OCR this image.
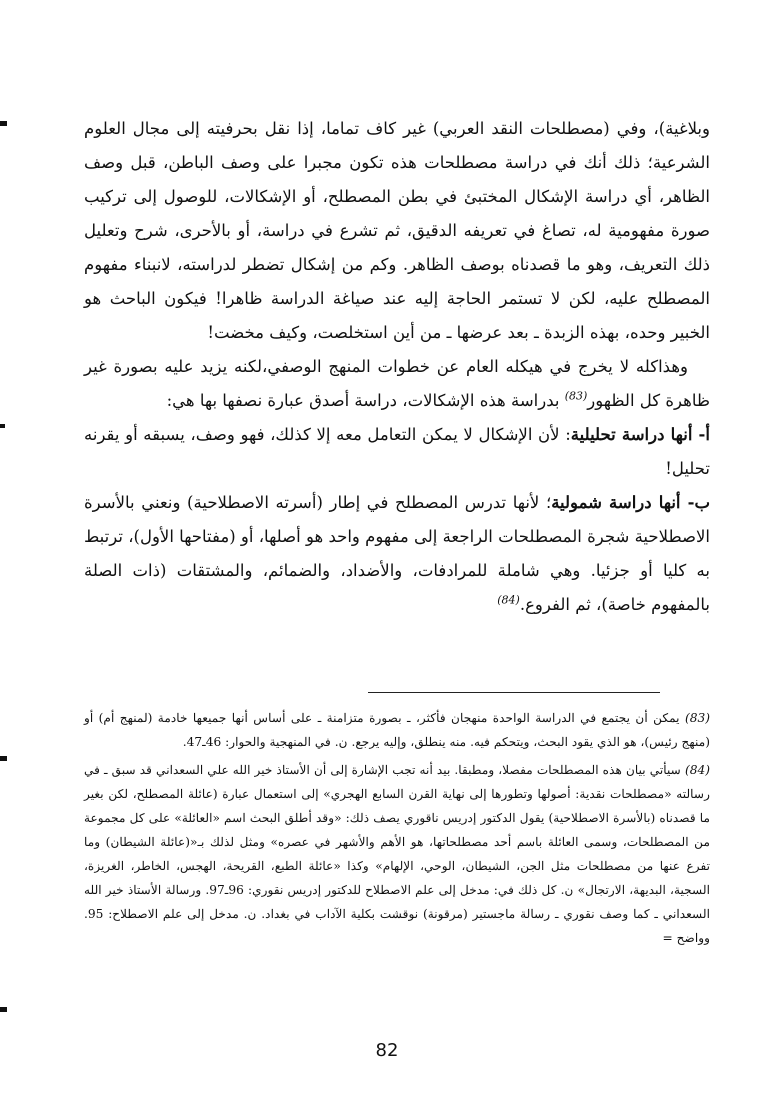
وبلاغية)، وفي (مصطلحات النقد العربي) غير كاف تماما، إذا نقل بحرفيته إلى مجال العلوم الشرعية؛ ذلك أنك في دراسة مصطلحات هذه تكون مجبرا على وصف الباطن، قبل وصف الظاهر، أي دراسة الإشكال المختبئ في بطن المصطلح، أو الإشكالات، للوصول إلى تركيب صورة مفهومية له، تصاغ في تعريفه الدقيق، ثم تشرع في دراسة، أو بالأحرى، شرح وتعليل ذلك التعريف، وهو ما قصدناه بوصف الظاهر. وكم من إشكال تضطر لدراسته، لانبناء مفهوم المصطلح عليه، لكن لا تستمر الحاجة إليه عند صياغة الدراسة ظاهرا! فيكون الباحث هو الخبير وحده، بهذه الزبدة ـ بعد عرضها ـ من أين استخلصت، وكيف مخضت!

وهذاكله لا يخرج في هيكله العام عن خطوات المنهج الوصفي،لكنه يزيد عليه بصورة غير ظاهرة كل الظهور$^{(83)}$ بدراسة هذه الإشكالات، دراسة أصدق عبارة نصفها بها هي:

أ- أنها دراسة تحليلية: لأن الإشكال لا يمكن التعامل معه إلا كذلك، فهو وصف، يسبقه أو يقرنه تحليل!

ب- أنها دراسة شمولية؛ لأنها تدرس المصطلح في إطار (أسرته الاصطلاحية) ونعني بالأسرة الاصطلاحية شجرة المصطلحات الراجعة إلى مفهوم واحد هو أصلها، أو (مفتاحها الأول)، ترتبط به كليا أو جزئيا. وهي شاملة للمرادفات، والأضداد، والضمائم، والمشتقات (ذات الصلة بالمفهوم خاصة)، ثم الفروع.$^{(84)}$

(83) يمكن أن يجتمع في الدراسة الواحدة منهجان فأكثر، ـ بصورة متزامنة ـ على أساس أنها جميعها خادمة (لمنهج أم) أو (منهج رئيس)، هو الذي يقود البحث، ويتحكم فيه. منه ينطلق، وإليه يرجع. ن. في المنهجية والحوار: 46ـ47.

(84) سيأتي بيان هذه المصطلحات مفصلا، ومطبقا. بيد أنه تجب الإشارة إلى أن الأستاذ خير الله علي السعداني قد سبق ـ في رسالته «مصطلحات نقدية: أصولها وتطورها إلى نهاية القرن السابع الهجري» إلى استعمال عبارة (عائلة المصطلح، لكن بغير ما قصدناه (بالأسرة الاصطلاحية) يقول الدكتور إدريس ناقوري يصف ذلك: «وقد أطلق البحث اسم «العائلة» على كل مجموعة من المصطلحات، وسمى العائلة باسم أحد مصطلحاتها، هو الأهم والأشهر في عصره» ومثل لذلك بـ«(عائلة الشيطان) وما تفرع عنها من مصطلحات مثل الجن، الشيطان، الوحي، الإلهام» وكذا «عائلة الطبع، القريحة، الهجس، الخاطر، الغريزة، السجية، البديهة، الارتجال» ن. كل ذلك في: مدخل إلى علم الاصطلاح للدكتور إدريس نقوري: 96ـ97. ورسالة الأستاذ خير الله السعداني ـ كما وصف نقوري ـ رسالة ماجستير (مرقونة) نوقشت بكلية الآداب في بغداد. ن. مدخل إلى علم الاصطلاح: 95. وواضح =

82
